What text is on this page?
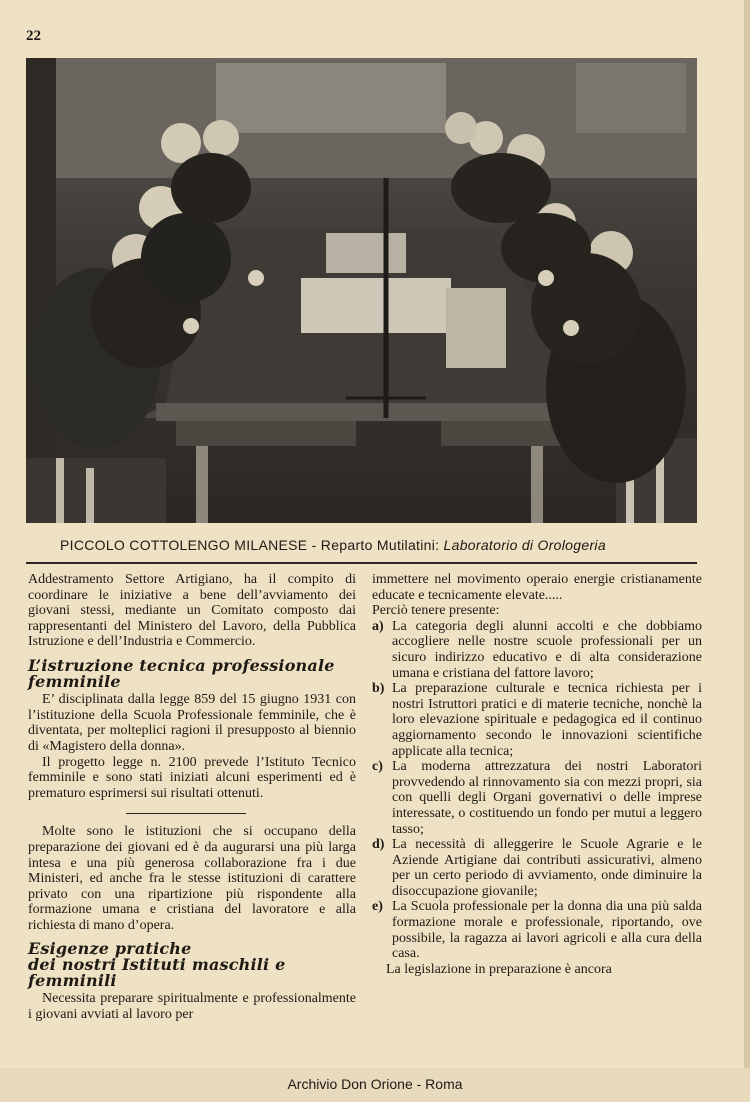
22
PICCOLO COTTOLENGO MILANESE - Reparto Mutilatini: Laboratorio di Orologeria

Addestramento Settore Artigiano, ha il compito di coordinare le iniziative a bene dell’avviamento dei giovani stessi, mediante un Comitato composto dai rappresentanti del Ministero del Lavoro, della Pubblica Istruzione e dell’Industria e Commercio.

L’istruzione tecnica professionale femminile

E’ disciplinata dalla legge 859 del 15 giugno 1931 con l’istituzione della Scuola Professionale femminile, che è diventata, per molteplici ragioni il presupposto al biennio di «Magistero della donna».

Il progetto legge n. 2100 prevede l’Istituto Tecnico femminile e sono stati iniziati alcuni esperimenti ed è prematuro esprimersi sui risultati ottenuti.

Molte sono le istituzioni che si occupano della preparazione dei giovani ed è da augurarsi una più larga intesa e una più generosa collaborazione fra i due Ministeri, ed anche fra le stesse istituzioni di carattere privato con una ripartizione più rispondente alla formazione umana e cristiana del lavoratore e alla richiesta di mano d’opera.

Esigenze pratiche
dei nostri Istituti maschili e femminili

Necessita preparare spiritualmente e professionalmente i giovani avviati al lavoro per

immettere nel movimento operaio energie cristianamente educate e tecnicamente elevate.....

Perciò tenere presente:

a) La categoria degli alunni accolti e che dobbiamo accogliere nelle nostre scuole professionali per un sicuro indirizzo educativo e di alta considerazione umana e cristiana del fattore lavoro;
b) La preparazione culturale e tecnica richiesta per i nostri Istruttori pratici e di materie tecniche, nonchè la loro elevazione spirituale e pedagogica ed il continuo aggiornamento secondo le innovazioni scientifiche applicate alla tecnica;
c) La moderna attrezzatura dei nostri Laboratori provvedendo al rinnovamento sia con mezzi propri, sia con quelli degli Organi governativi o delle imprese interessate, o costituendo un fondo per mutui a leggero tasso;
d) La necessità di alleggerire le Scuole Agrarie e le Aziende Artigiane dai contributi assicurativi, almeno per un certo periodo di avviamento, onde diminuire la disoccupazione giovanile;
e) La Scuola professionale per la donna dia una più salda formazione morale e professionale, riportando, ove possibile, la ragazza ai lavori agricoli e alla cura della casa.

La legislazione in preparazione è ancora

Archivio Don Orione - Roma
